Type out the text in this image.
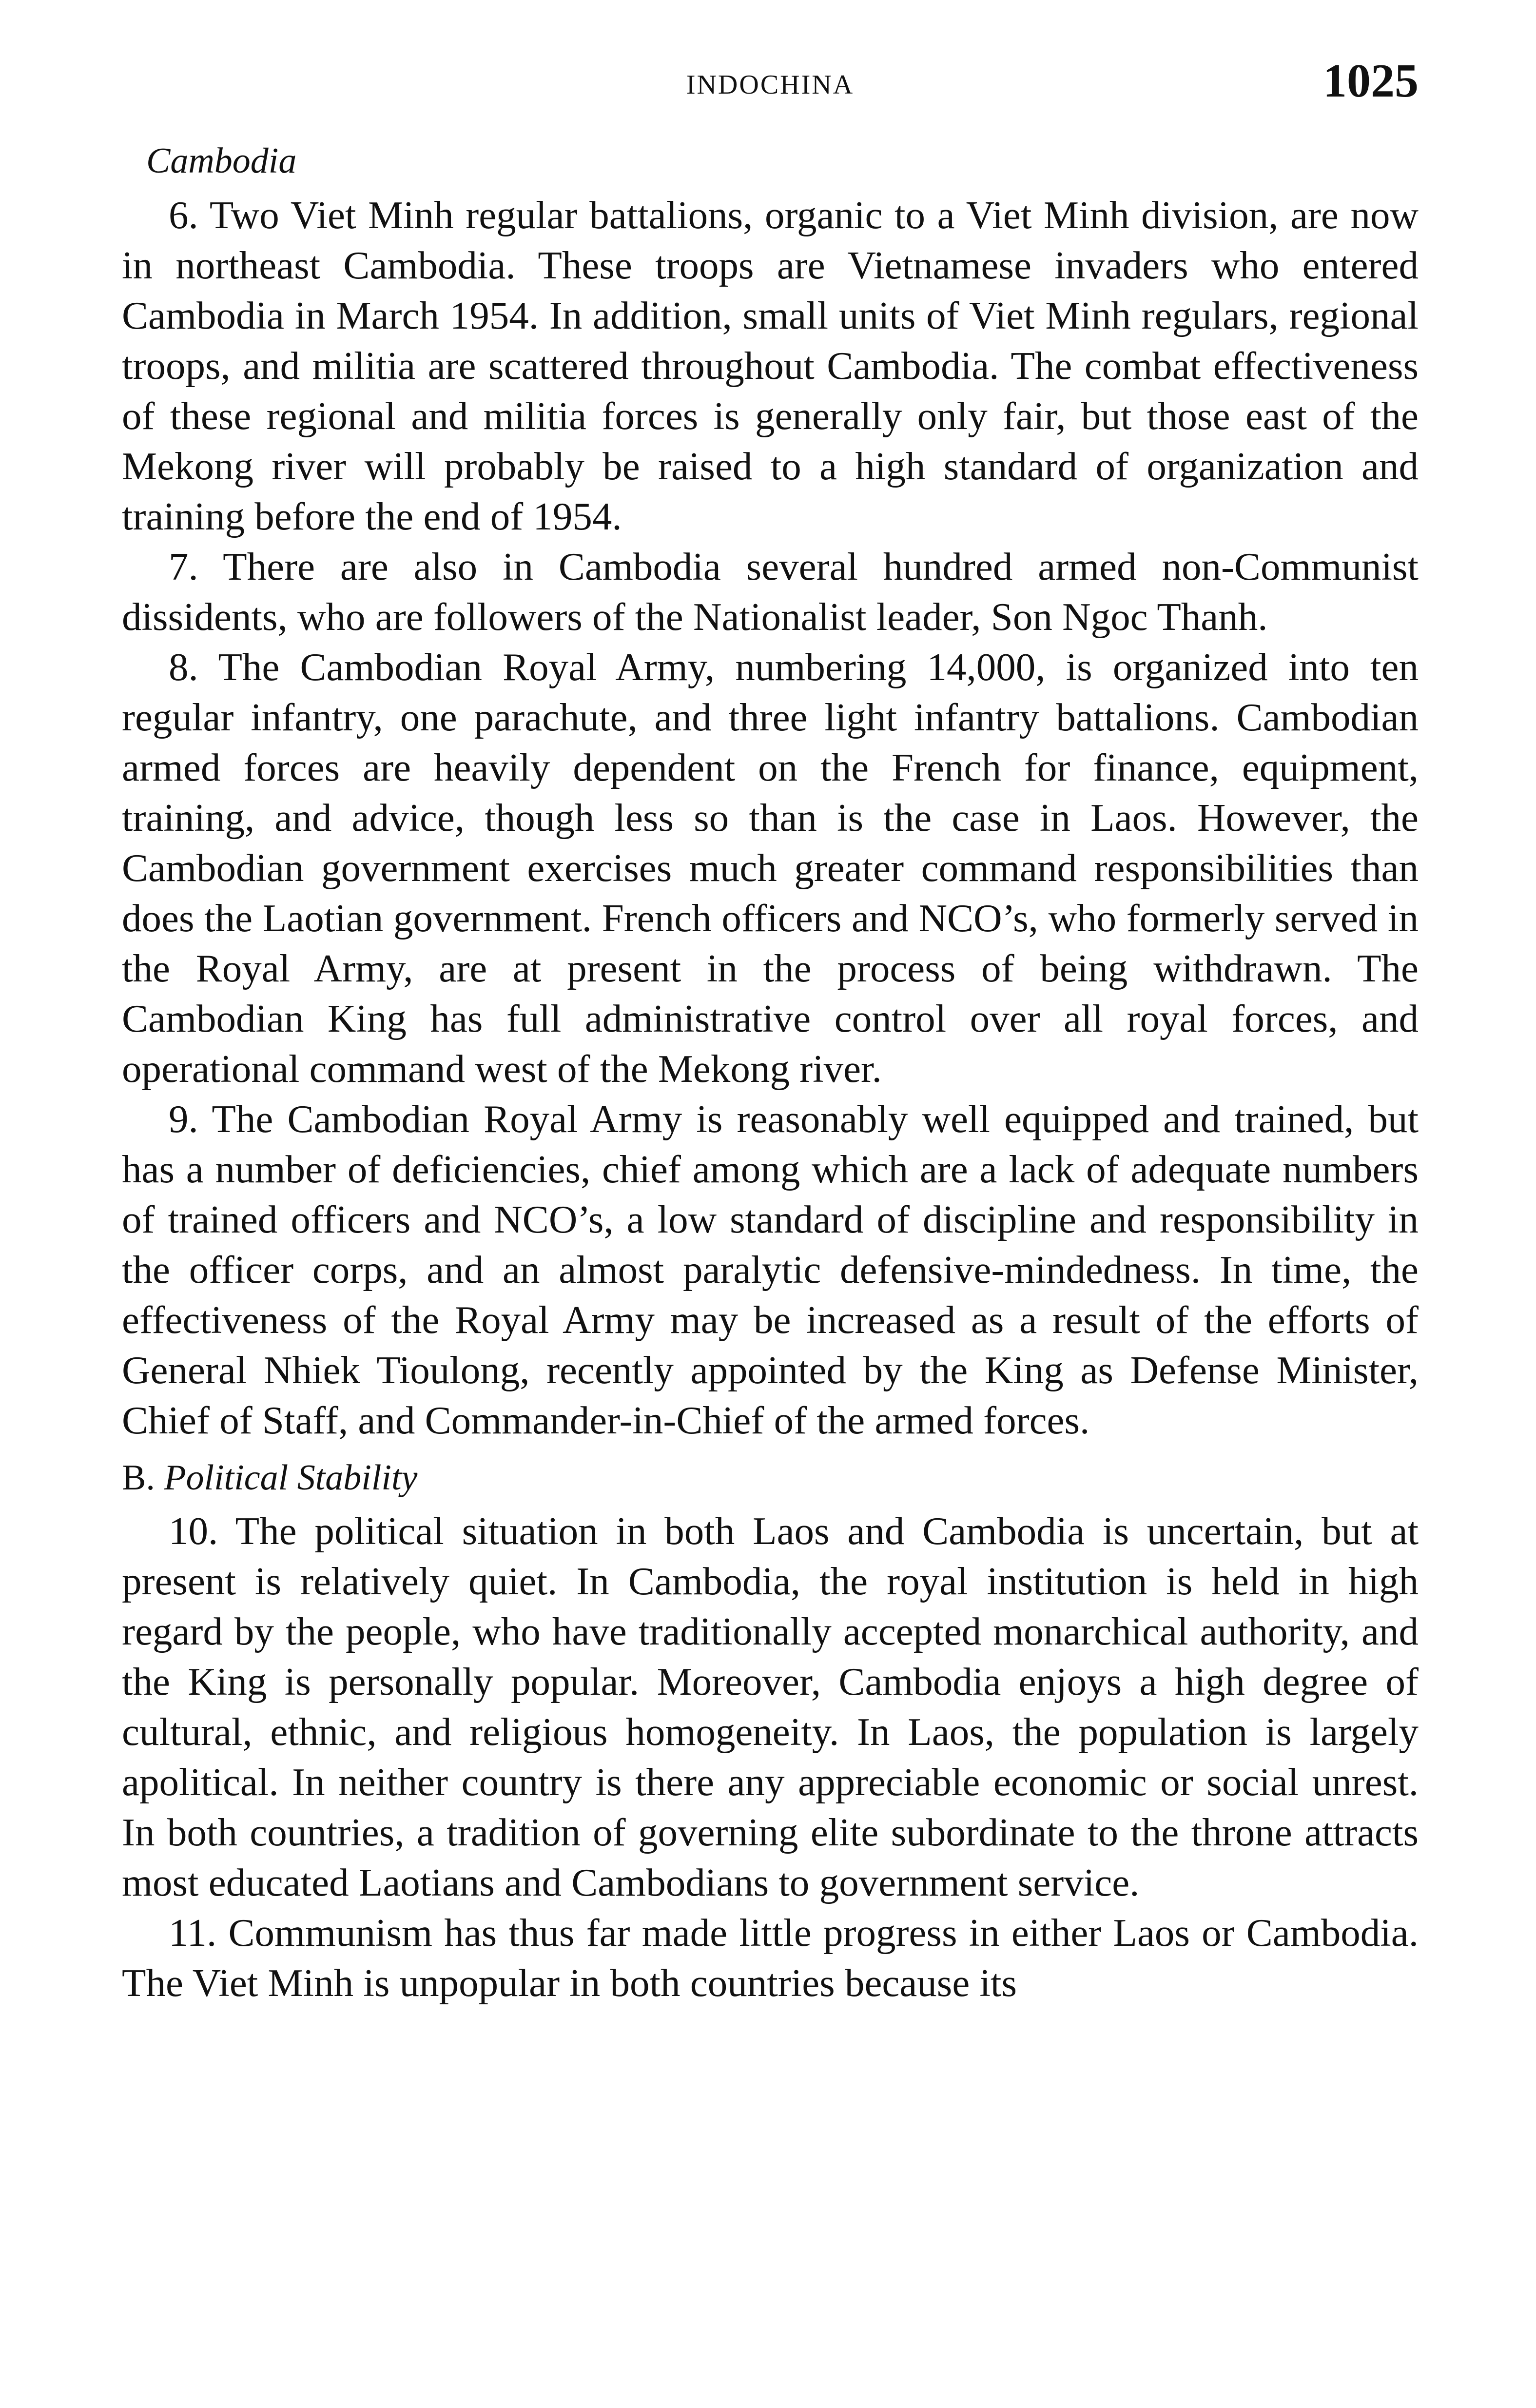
INDOCHINA	1025
Cambodia

6. Two Viet Minh regular battalions, organic to a Viet Minh division, are now in northeast Cambodia. These troops are Vietnamese invaders who entered Cambodia in March 1954. In addition, small units of Viet Minh regulars, regional troops, and militia are scattered throughout Cambodia. The combat effectiveness of these regional and militia forces is generally only fair, but those east of the Mekong river will probably be raised to a high standard of organization and training before the end of 1954.

7. There are also in Cambodia several hundred armed non-Communist dissidents, who are followers of the Nationalist leader, Son Ngoc Thanh.

8. The Cambodian Royal Army, numbering 14,000, is organized into ten regular infantry, one parachute, and three light infantry battalions. Cambodian armed forces are heavily dependent on the French for finance, equipment, training, and advice, though less so than is the case in Laos. However, the Cambodian government exercises much greater command responsibilities than does the Laotian government. French officers and NCO’s, who formerly served in the Royal Army, are at present in the process of being withdrawn. The Cambodian King has full administrative control over all royal forces, and operational command west of the Mekong river.

9. The Cambodian Royal Army is reasonably well equipped and trained, but has a number of deficiencies, chief among which are a lack of adequate numbers of trained officers and NCO’s, a low standard of discipline and responsibility in the officer corps, and an almost paralytic defensive-mindedness. In time, the effectiveness of the Royal Army may be increased as a result of the efforts of General Nhiek Tioulong, recently appointed by the King as Defense Minister, Chief of Staff, and Commander-in-Chief of the armed forces.

B. Political Stability

10. The political situation in both Laos and Cambodia is uncertain, but at present is relatively quiet. In Cambodia, the royal institution is held in high regard by the people, who have traditionally accepted monarchical authority, and the King is personally popular. Moreover, Cambodia enjoys a high degree of cultural, ethnic, and religious homogeneity. In Laos, the population is largely apolitical. In neither country is there any appreciable economic or social unrest. In both countries, a tradition of governing elite subordinate to the throne attracts most educated Laotians and Cambodians to government service.

11. Communism has thus far made little progress in either Laos or Cambodia. The Viet Minh is unpopular in both countries because its
